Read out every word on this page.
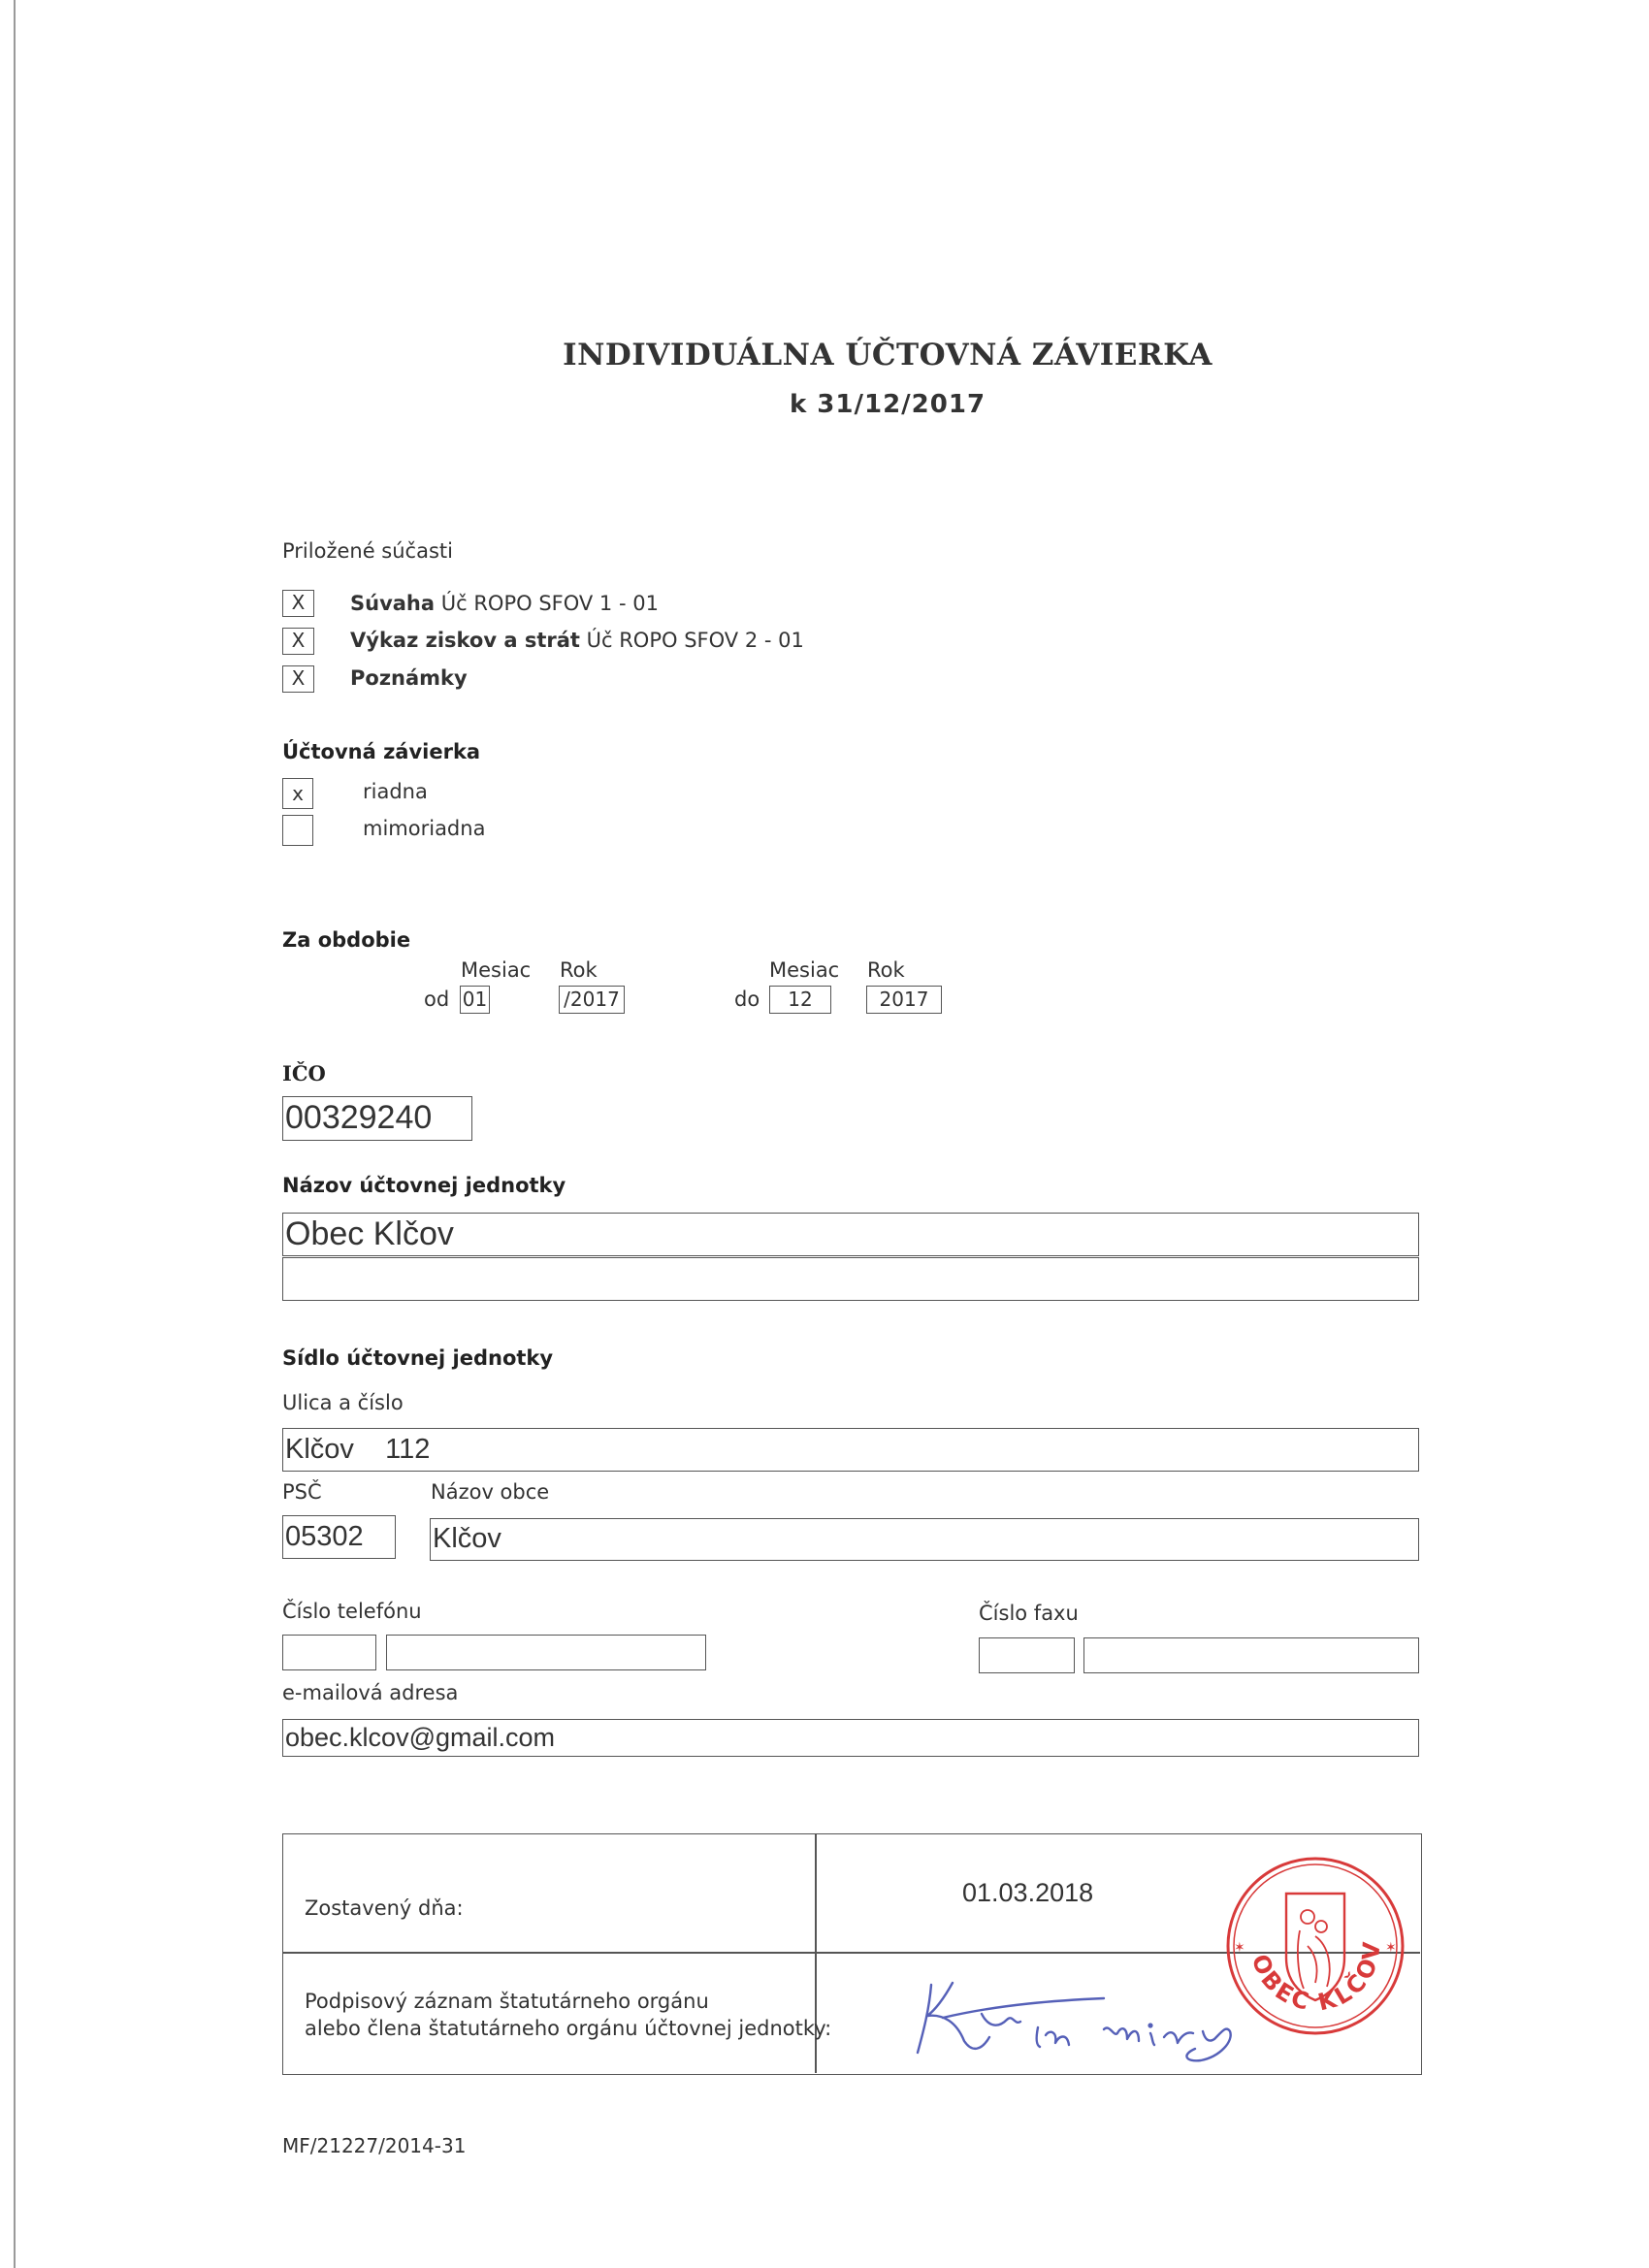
INDIVIDUÁLNA ÚČTOVNÁ ZÁVIERKA
k 31/12/2017
Priložené súčasti
X	Súvaha Úč ROPO SFOV 1 - 01
X	Výkaz ziskov a strát Úč ROPO SFOV 2 - 01
X	Poznámky
Účtovná závierka
x	riadna
mimoriadna
Za obdobie
Mesiac Rok	Mesiac Rok
od 01	/2017	do	12	2017
IČO
00329240
Názov účtovnej jednotky
Obec Klčov
Sídlo účtovnej jednotky
Ulica a číslo
Klčov    112
PSČ	Názov obce
05302	Klčov
Číslo telefónu	Číslo faxu
e-mailová adresa
obec.klcov@gmail.com
Zostavený dňa:
01.03.2018
Podpisový záznam štatutárneho orgánu
alebo člena štatutárneho orgánu účtovnej jednotky:
OBEC KLČOV
✶	✶
MF/21227/2014-31
